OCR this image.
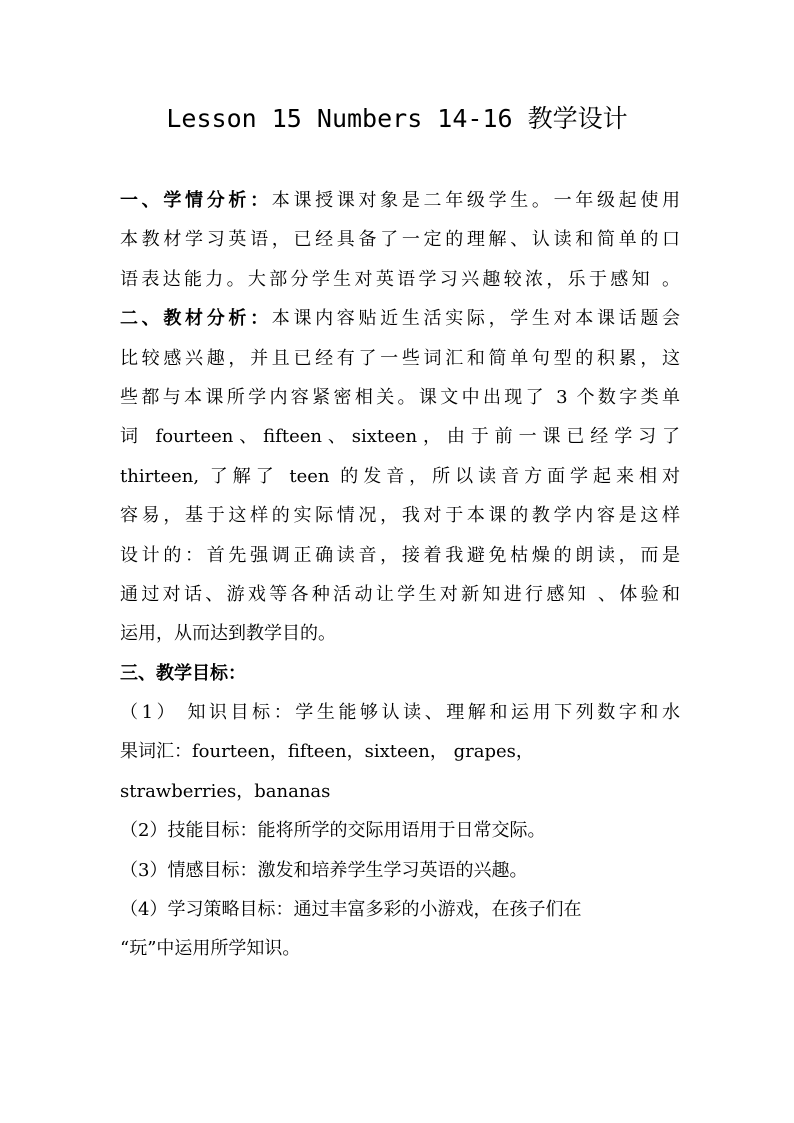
Lesson 15 Numbers 14-16 教学设计
一、学情分析：本课授课对象是二年级学生。一年级起使用
本教材学习英语，已经具备了一定的理解、认读和简单的口
语表达能力。大部分学生对英语学习兴趣较浓，乐于感知 。
二、教材分析：本课内容贴近生活实际，学生对本课话题会
比较感兴趣，并且已经有了一些词汇和简单句型的积累，这
些都与本课所学内容紧密相关。课文中出现了 3 个数字类单
词 fourteen、fifteen、sixteen，由于前一课已经学习了
thirteen, 了解了 teen 的发音，所以读音方面学起来相对
容易，基于这样的实际情况，我对于本课的教学内容是这样
设计的：首先强调正确读音，接着我避免枯燥的朗读，而是
通过对话、游戏等各种活动让学生对新知进行感知 、体验和
运用，从而达到教学目的。
三、教学目标：
（1） 知识目标：学生能够认读、理解和运用下列数字和水
果词汇：fourteen，fifteen，sixteen， grapes，
strawberries，bananas
（2）技能目标：能将所学的交际用语用于日常交际。
（3）情感目标：激发和培养学生学习英语的兴趣。
（4）学习策略目标：通过丰富多彩的小游戏，在孩子们在
“玩”中运用所学知识。
